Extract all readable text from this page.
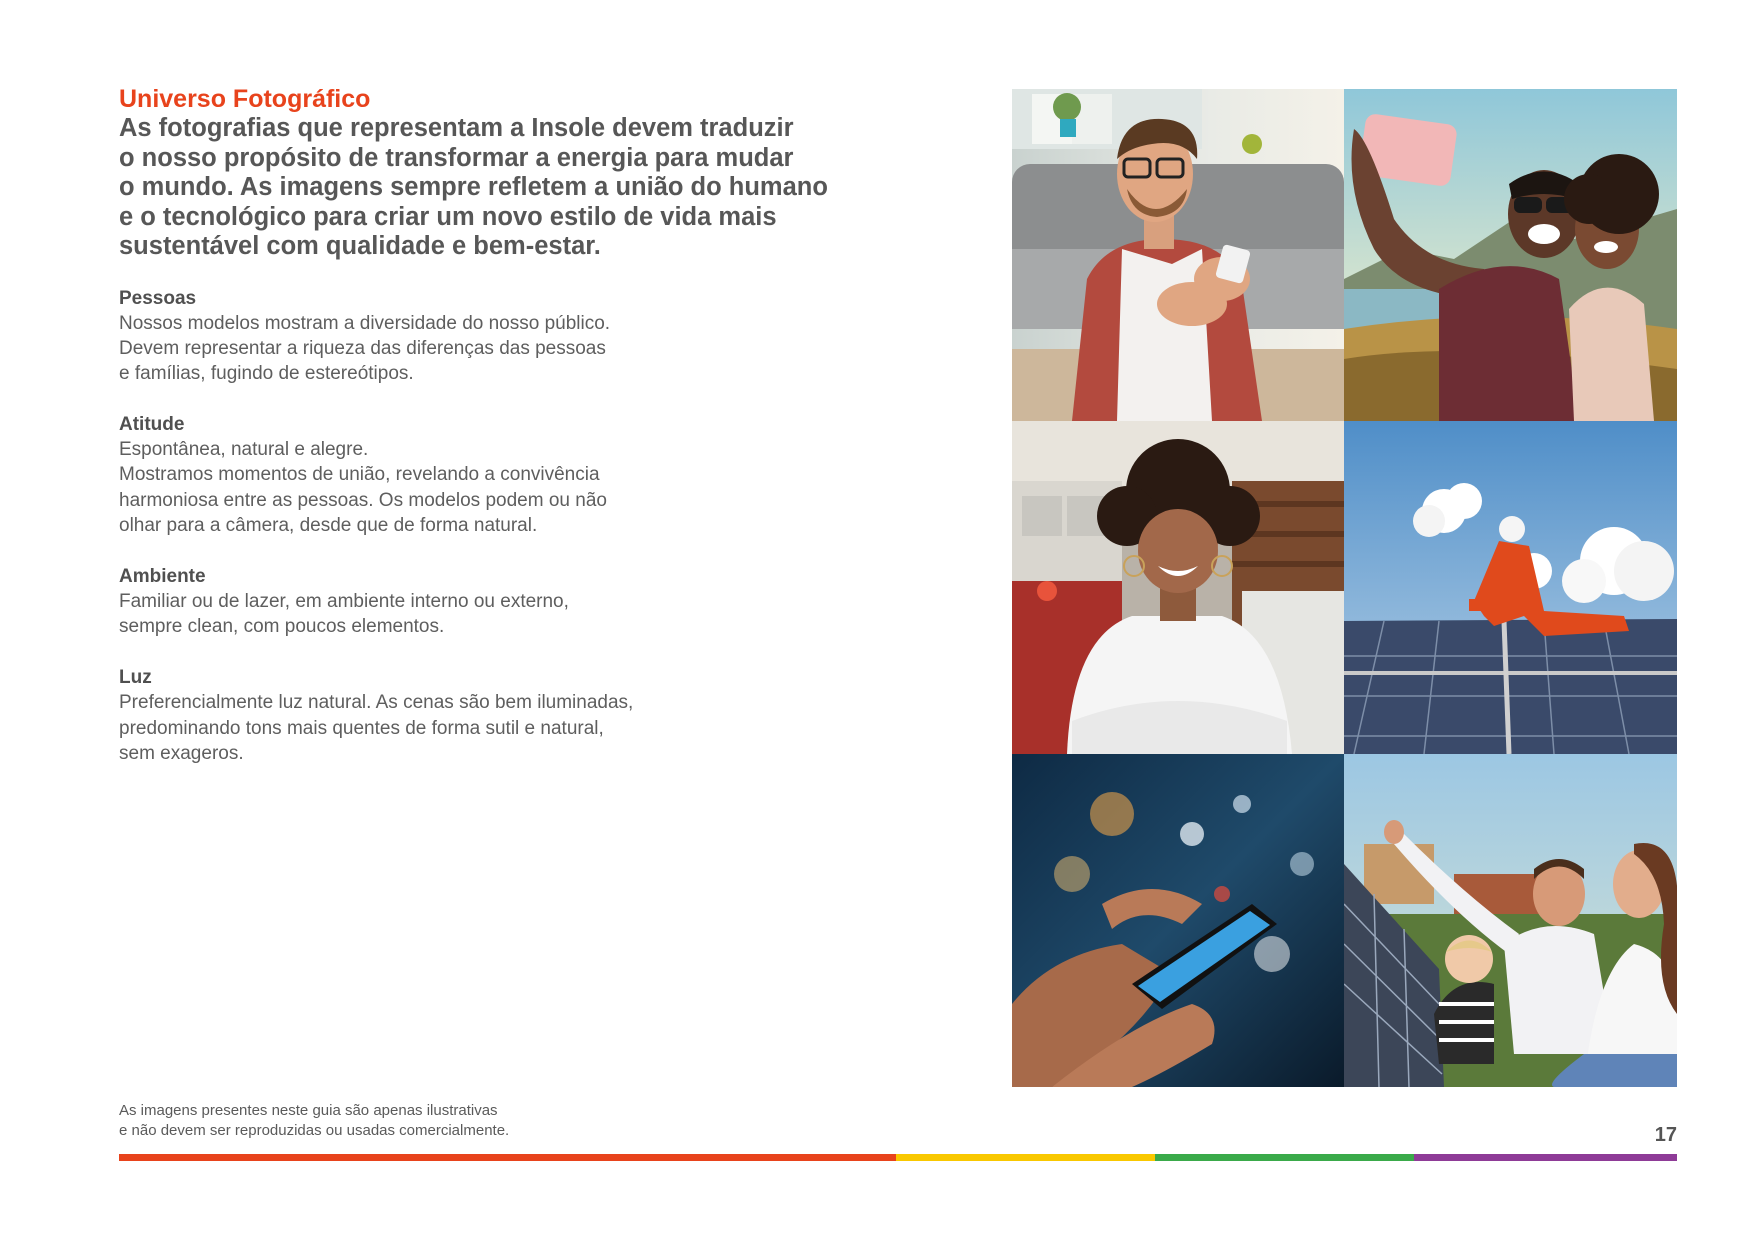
Universo Fotográfico

As fotografias que representam a Insole devem traduzir
o nosso propósito de transformar a energia para mudar
o mundo. As imagens sempre refletem a união do humano
e o tecnológico para criar um novo estilo de vida mais
sustentável com qualidade e bem-estar.

Pessoas

Nossos modelos mostram a diversidade do nosso público.
Devem representar a riqueza das diferenças das pessoas
e famílias, fugindo de estereótipos.

Atitude

Espontânea, natural e alegre.
Mostramos momentos de união, revelando a convivência
harmoniosa entre as pessoas. Os modelos podem ou não
olhar para a câmera, desde que de forma natural.

Ambiente

Familiar ou de lazer, em ambiente interno ou externo,
sempre clean, com poucos elementos.

Luz

Preferencialmente luz natural. As cenas são bem iluminadas,
predominando tons mais quentes de forma sutil e natural,
sem exageros.

As imagens presentes neste guia são apenas ilustrativas
e não devem ser reproduzidas ou usadas comercialmente.	17
